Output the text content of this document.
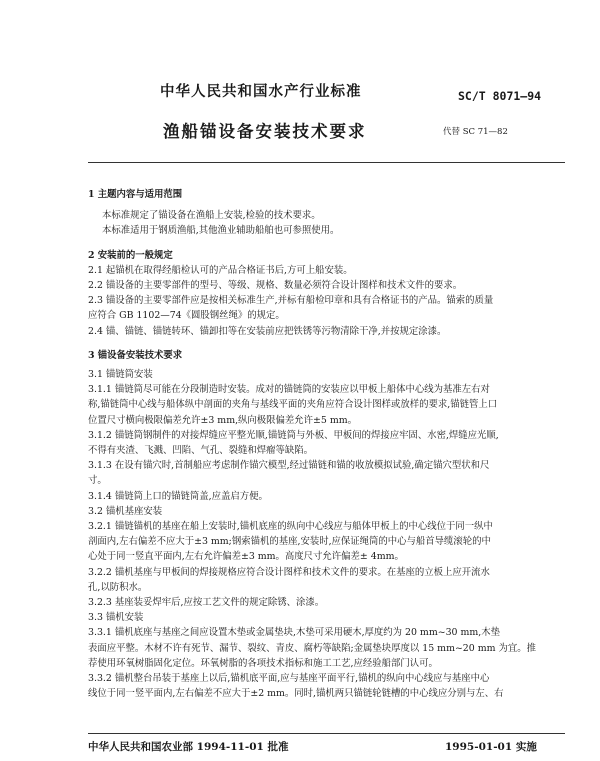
中华人民共和国水产行业标准	SC/T 8071—94
渔船锚设备安装技术要求	代替 SC 71—82
1 主题内容与适用范围
本标准规定了锚设备在渔船上安装,检验的技术要求。
本标准适用于钢质渔船,其他渔业辅助船舶也可参照使用。
2 安装前的一般规定
2.1 起锚机在取得经船检认可的产品合格证书后,方可上船安装。
2.2 锚设备的主要零部件的型号、等级、规格、数量必须符合设计图样和技术文件的要求。
2.3 锚设备的主要零部件应是按相关标准生产,并标有船检印章和具有合格证书的产品。锚索的质量
应符合 GB 1102—74《圆股钢丝绳》的规定。
2.4 锚、锚链、锚链转环、锚卸扣等在安装前应把铁锈等污物清除干净,并按规定涂漆。
3 锚设备安装技术要求
3.1 锚链筒安装
3.1.1 锚链筒尽可能在分段制造时安装。成对的锚链筒的安装应以甲板上船体中心线为基准左右对
称,锚链筒中心线与船体纵中剖面的夹角与基线平面的夹角应符合设计图样或放样的要求,锚链管上口
位置尺寸横向极限偏差允许±3 mm,纵向极限偏差允许±5 mm。
3.1.2 锚链筒钢制件的对接焊缝应平整光顺,锚链筒与外板、甲板间的焊接应牢固、水密,焊缝应光顺,
不得有夹渣、飞溅、凹陷、气孔、裂缝和焊瘤等缺陷。
3.1.3 在设有锚穴时,首制船应考虑制作锚穴模型,经过锚链和锚的收放模拟试验,确定锚穴型状和尺
寸。
3.1.4 锚链筒上口的锚链筒盖,应盖启方便。
3.2 锚机基座安装
3.2.1 锚链锚机的基座在船上安装时,锚机底座的纵向中心线应与船体甲板上的中心线位于同一纵中
剖面内,左右偏差不应大于±3 mm;钢索锚机的基座,安装时,应保证绳筒的中心与船首导缆滚轮的中
心处于同一竖直平面内,左右允许偏差±3 mm。高度尺寸允许偏差± 4mm。
3.2.2 锚机基座与甲板间的焊接规格应符合设计图样和技术文件的要求。在基座的立板上应开流水
孔,以防积水。
3.2.3 基座装妥焊牢后,应按工艺文件的规定除锈、涂漆。
3.3 锚机安装
3.3.1 锚机底座与基座之间应设置木垫或金属垫块,木垫可采用硬木,厚度约为 20 mm~30 mm,木垫
表面应平整。木材不许有死节、漏节、裂纹、青皮、腐朽等缺陷;金属垫块厚度以 15 mm~20 mm 为宜。推
荐使用环氧树脂固化定位。环氧树脂的各项技术指标和施工工艺,应经验船部门认可。
3.3.2 锚机整台吊装于基座上以后,锚机底平面,应与基座平面平行,锚机的纵向中心线应与基座中心
线位于同一竖平面内,左右偏差不应大于±2 mm。同时,锚机两只锚链轮链槽的中心线应分别与左、右
中华人民共和国农业部 1994-11-01 批准	1995-01-01 实施
